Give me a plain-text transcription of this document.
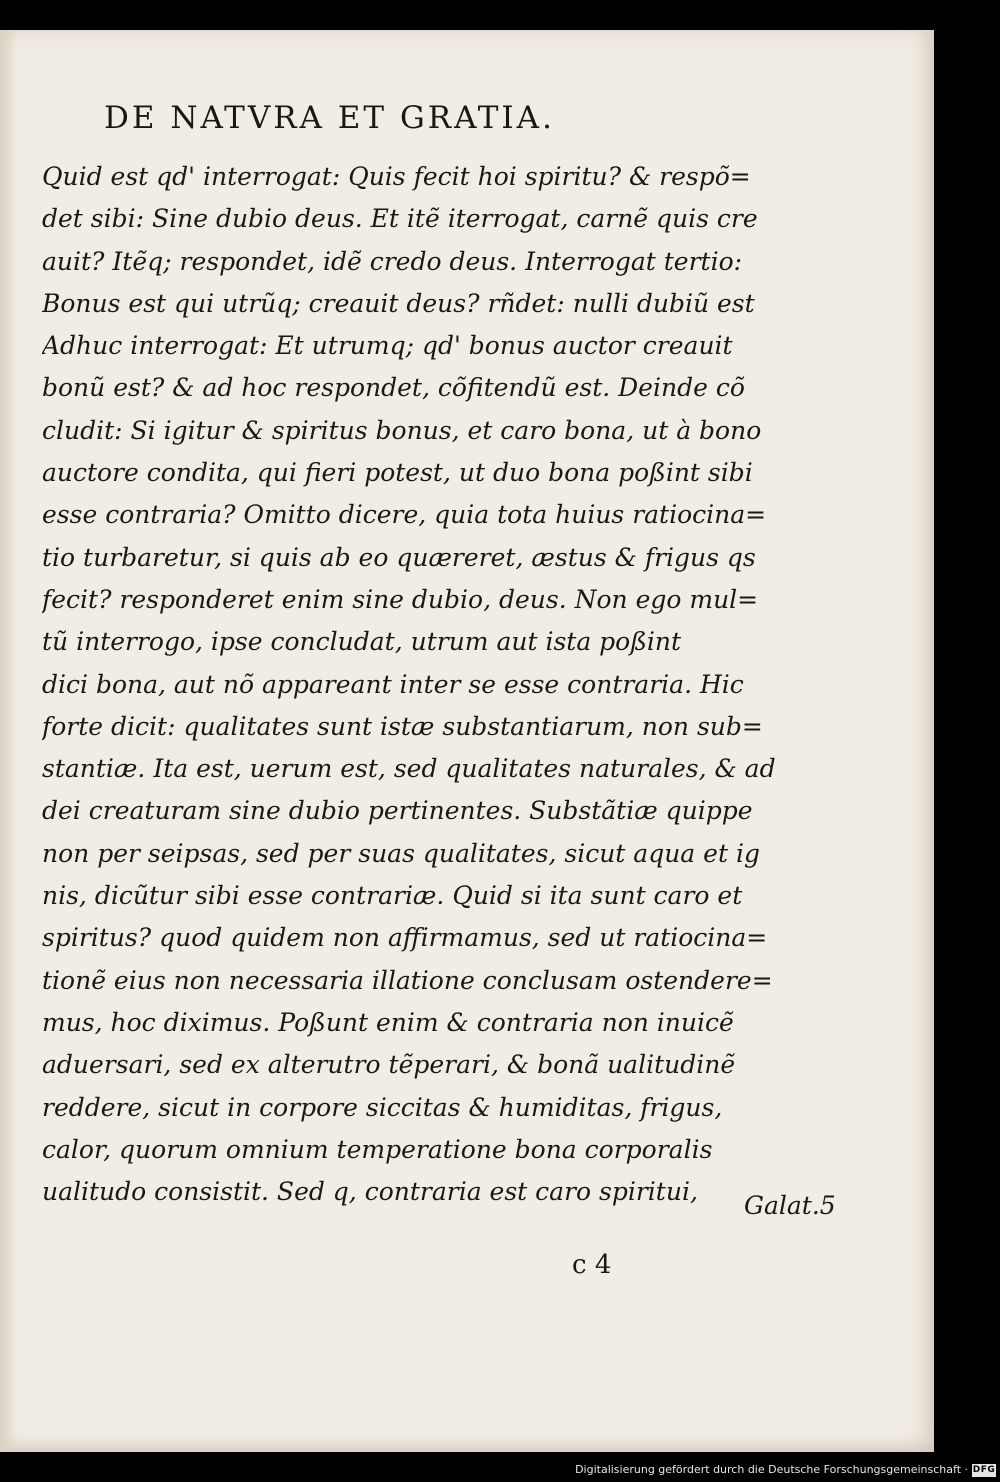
DE NATVRA ET GRATIA.
Quid est qd' interrogat: Quis fecit hoi spiritu? & respõ=
det sibi: Sine dubio deus. Et itẽ iterrogat, carnẽ quis cre
auit? Itẽq; respondet, idẽ credo deus. Interrogat tertio:
Bonus est qui utrũq; creauit deus? rñdet: nulli dubiũ est
Adhuc interrogat: Et utrumq; qd' bonus auctor creauit
bonũ est? & ad hoc respondet, cõfitendũ est. Deinde cõ
cludit: Si igitur & spiritus bonus, et caro bona, ut à bono
auctore condita, qui fieri potest, ut duo bona poßint sibi
esse contraria? Omitto dicere, quia tota huius ratiocina=
tio turbaretur, si quis ab eo quæreret, æstus & frigus qs
fecit? responderet enim sine dubio, deus. Non ego mul=
tũ interrogo, ipse concludat, utrum aut ista poßint
dici bona, aut nõ appareant inter se esse contraria. Hic
forte dicit: qualitates sunt istæ substantiarum, non sub=
stantiæ. Ita est, uerum est, sed qualitates naturales, & ad
dei creaturam sine dubio pertinentes. Substãtiæ quippe
non per seipsas, sed per suas qualitates, sicut aqua et ig
nis, dicũtur sibi esse contrariæ. Quid si ita sunt caro et
spiritus? quod quidem non affirmamus, sed ut ratiocina=
tionẽ eius non necessaria illatione conclusam ostendere=
mus, hoc diximus. Poßunt enim & contraria non inuicẽ
aduersari, sed ex alterutro tẽperari, & bonã ualitudinẽ
reddere, sicut in corpore siccitas & humiditas, frigus,
calor, quorum omnium temperatione bona corporalis
ualitudo consistit. Sed q, contraria est caro spiritui,	Galat.5
c 4
Digitalisierung gefördert durch die Deutsche Forschungsgemeinschaft · DFG
